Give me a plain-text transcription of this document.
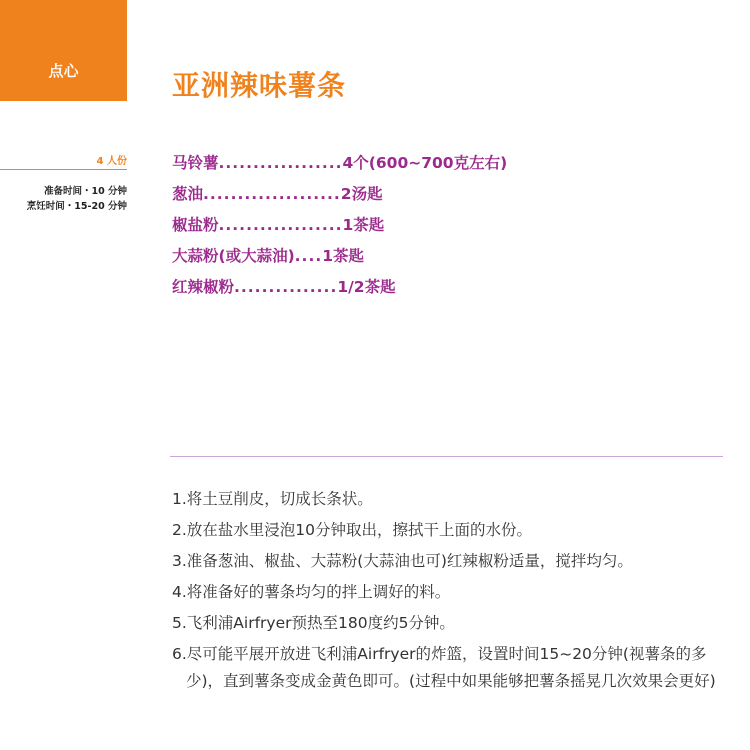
点心	亚洲辣味薯条
4 人份
准备时间・10 分钟
烹饪时间・15-20 分钟
马铃薯..................4个(600~700克左右)
葱油....................2汤匙
椒盐粉..................1茶匙
大蒜粉(或大蒜油)....1茶匙
红辣椒粉...............1/2茶匙
1.将土豆削皮，切成长条状。
2.放在盐水里浸泡10分钟取出，擦拭干上面的水份。
3.准备葱油、椒盐、大蒜粉(大蒜油也可)红辣椒粉适量，搅拌均匀。
4.将准备好的薯条均匀的拌上调好的料。
5.飞利浦Airfryer预热至180度约5分钟。
6.尽可能平展开放进飞利浦Airfryer的炸篮，设置时间15~20分钟(视薯条的多少)，直到薯条变成金黄色即可。(过程中如果能够把薯条摇晃几次效果会更好)
